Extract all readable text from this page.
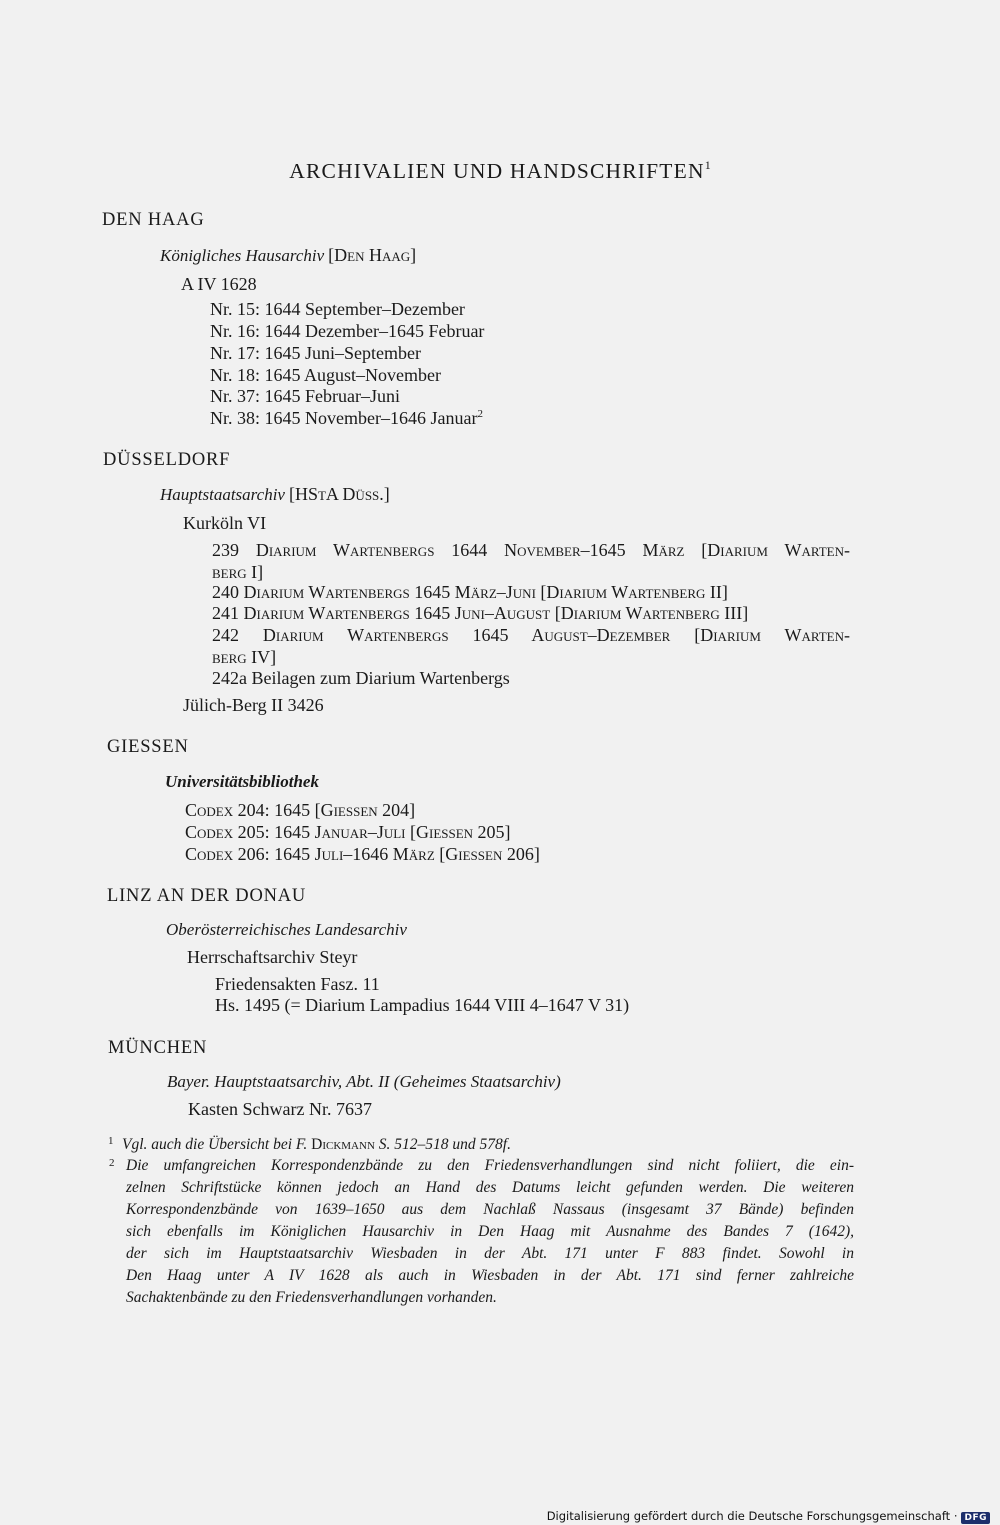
ARCHIVALIEN UND HANDSCHRIFTEN$^1$
DEN HAAG
Königliches Hausarchiv [Den Haag]
A IV 1628
Nr. 15: 1644 September–Dezember
Nr. 16: 1644 Dezember–1645 Februar
Nr. 17: 1645 Juni–September
Nr. 18: 1645 August–November
Nr. 37: 1645 Februar–Juni
Nr. 38: 1645 November–1646 Januar$^2$
DÜSSELDORF
Hauptstaatsarchiv [HStA Düss.]
Kurköln VI
239 Diarium Wartenbergs 1644 November–1645 März [Diarium Warten-
berg I]
240 Diarium Wartenbergs 1645 März–Juni [Diarium Wartenberg II]
241 Diarium Wartenbergs 1645 Juni–August [Diarium Wartenberg III]
242 Diarium Wartenbergs 1645 August–Dezember [Diarium Warten-
berg IV]
242a Beilagen zum Diarium Wartenbergs
Jülich-Berg II 3426
GIESSEN
Universitätsbibliothek
Codex 204: 1645 [Giessen 204]
Codex 205: 1645 Januar–Juli [Giessen 205]
Codex 206: 1645 Juli–1646 März [Giessen 206]
LINZ AN DER DONAU
Oberösterreichisches Landesarchiv
Herrschaftsarchiv Steyr
Friedensakten Fasz. 11
Hs. 1495 (= Diarium Lampadius 1644 VIII 4–1647 V 31)
MÜNCHEN
Bayer. Hauptstaatsarchiv, Abt. II (Geheimes Staatsarchiv)
Kasten Schwarz Nr. 7637
1 Vgl. auch die Übersicht bei F. Dickmann S. 512–518 und 578f.
2 Die umfangreichen Korrespondenzbände zu den Friedensverhandlungen sind nicht foliiert, die ein-
zelnen Schriftstücke können jedoch an Hand des Datums leicht gefunden werden. Die weiteren
Korrespondenzbände von 1639–1650 aus dem Nachlaß Nassaus (insgesamt 37 Bände) befinden
sich ebenfalls im Königlichen Hausarchiv in Den Haag mit Ausnahme des Bandes 7 (1642),
der sich im Hauptstaatsarchiv Wiesbaden in der Abt. 171 unter F 883 findet. Sowohl in
Den Haag unter A IV 1628 als auch in Wiesbaden in der Abt. 171 sind ferner zahlreiche
Sachaktenbände zu den Friedensverhandlungen vorhanden.
Digitalisierung gefördert durch die Deutsche Forschungsgemeinschaft · DFG
